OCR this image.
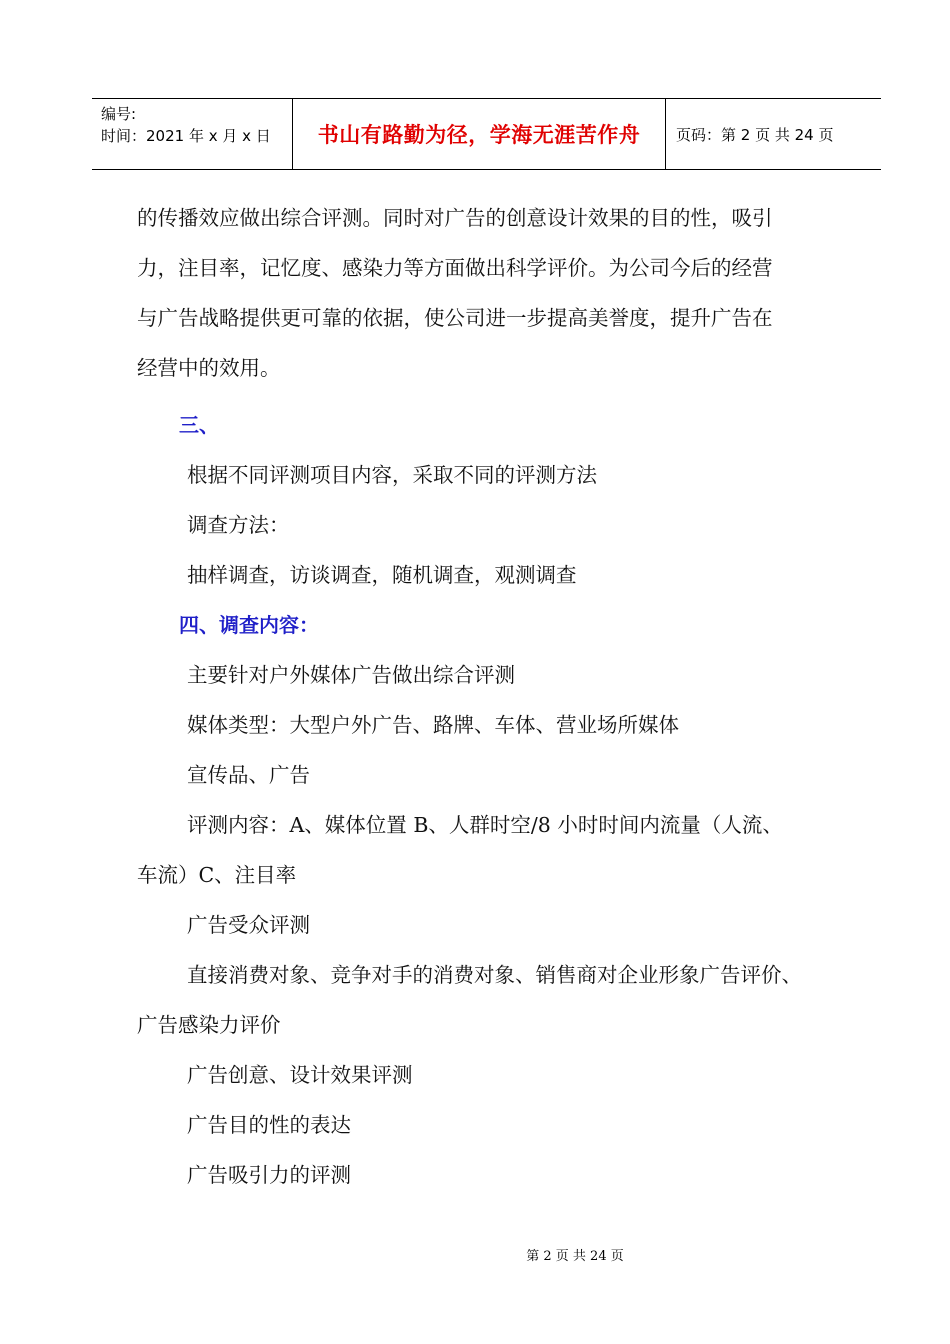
编号:
时间：2021 年 x 月 x 日	书山有路勤为径，学海无涯苦作舟	页码：第 2 页 共 24 页
的传播效应做出综合评测。同时对广告的创意设计效果的目的性，吸引
力，注目率，记忆度、感染力等方面做出科学评价。为公司今后的经营
与广告战略提供更可靠的依据，使公司进一步提高美誉度，提升广告在
经营中的效用。
三、
根据不同评测项目内容，采取不同的评测方法
调查方法：
抽样调查，访谈调查，随机调查，观测调查
四、调查内容：
主要针对户外媒体广告做出综合评测
媒体类型：大型户外广告、路牌、车体、营业场所媒体
宣传品、广告
评测内容：A、媒体位置 B、人群时空/8 小时时间内流量（人流、
车流）C、注目率
广告受众评测
直接消费对象、竞争对手的消费对象、销售商对企业形象广告评价、
广告感染力评价
广告创意、设计效果评测
广告目的性的表达
广告吸引力的评测
第 2 页 共 24 页
